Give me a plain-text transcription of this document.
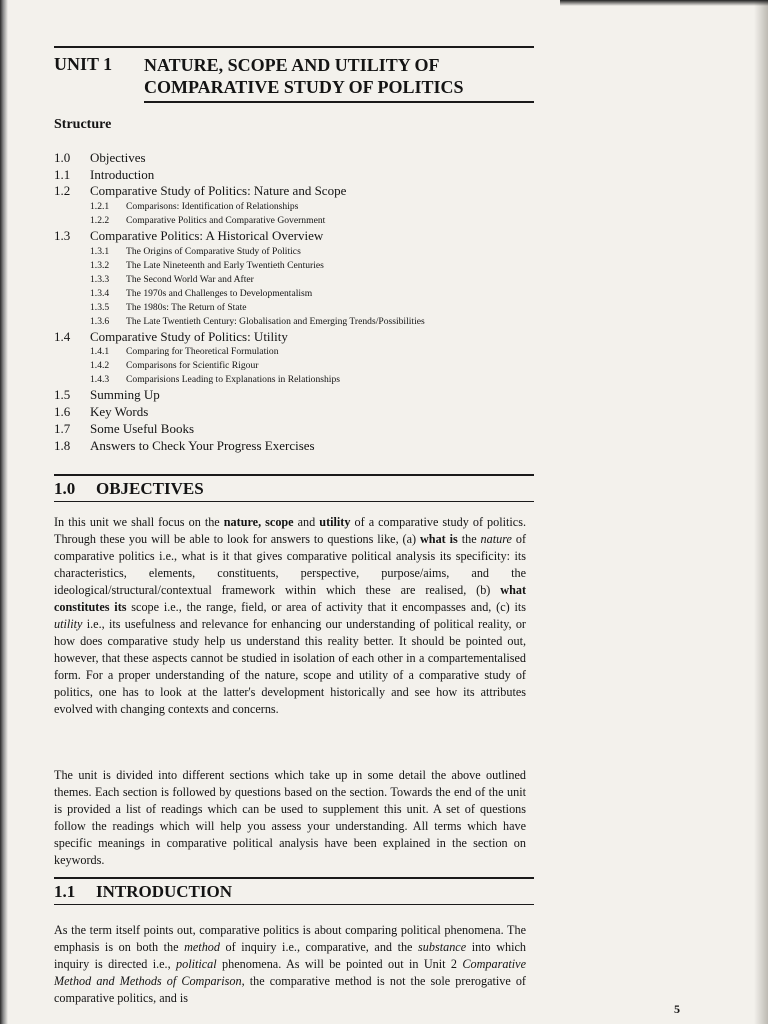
UNIT 1	NATURE, SCOPE AND UTILITY OF
COMPARATIVE STUDY OF POLITICS
Structure
1.0	Objectives
1.1	Introduction
1.2	Comparative Study of Politics: Nature and Scope
1.2.1	Comparisons: Identification of Relationships
1.2.2	Comparative Politics and Comparative Government
1.3	Comparative Politics: A Historical Overview
1.3.1	The Origins of Comparative Study of Politics
1.3.2	The Late Nineteenth and Early Twentieth Centuries
1.3.3	The Second World War and After
1.3.4	The 1970s and Challenges to Developmentalism
1.3.5	The 1980s: The Return of State
1.3.6	The Late Twentieth Century: Globalisation and Emerging Trends/Possibilities
1.4	Comparative Study of Politics: Utility
1.4.1	Comparing for Theoretical Formulation
1.4.2	Comparisons for Scientific Rigour
1.4.3	Comparisions Leading to Explanations in Relationships
1.5	Summing Up
1.6	Key Words
1.7	Some Useful Books
1.8	Answers to Check Your Progress Exercises
1.0	OBJECTIVES
In this unit we shall focus on the nature, scope and utility of a comparative study of politics. Through these you will be able to look for answers to questions like, (a) what is the nature of comparative politics i.e., what is it that gives comparative political analysis its specificity: its characteristics, elements, constituents, perspective, purpose/aims, and the ideological/structural/contextual framework within which these are realised, (b) what constitutes its scope i.e., the range, field, or area of activity that it encompasses and, (c) its utility i.e., its usefulness and relevance for enhancing our understanding of political reality, or how does comparative study help us understand this reality better. It should be pointed out, however, that these aspects cannot be studied in isolation of each other in a compartementalised form. For a proper understanding of the nature, scope and utility of a comparative study of politics, one has to look at the latter's development historically and see how its attributes evolved with changing contexts and concerns.
The unit is divided into different sections which take up in some detail the above outlined themes. Each section is followed by questions based on the section. Towards the end of the unit is provided a list of readings which can be used to supplement this unit. A set of questions follow the readings which will help you assess your understanding. All terms which have specific meanings in comparative political analysis have been explained in the section on keywords.
1.1	INTRODUCTION
As the term itself points out, comparative politics is about comparing political phenomena. The emphasis is on both the method of inquiry i.e., comparative, and the substance into which inquiry is directed i.e., political phenomena. As will be pointed out in Unit 2 Comparative Method and Methods of Comparison, the comparative method is not the sole prerogative of comparative politics, and is
5
